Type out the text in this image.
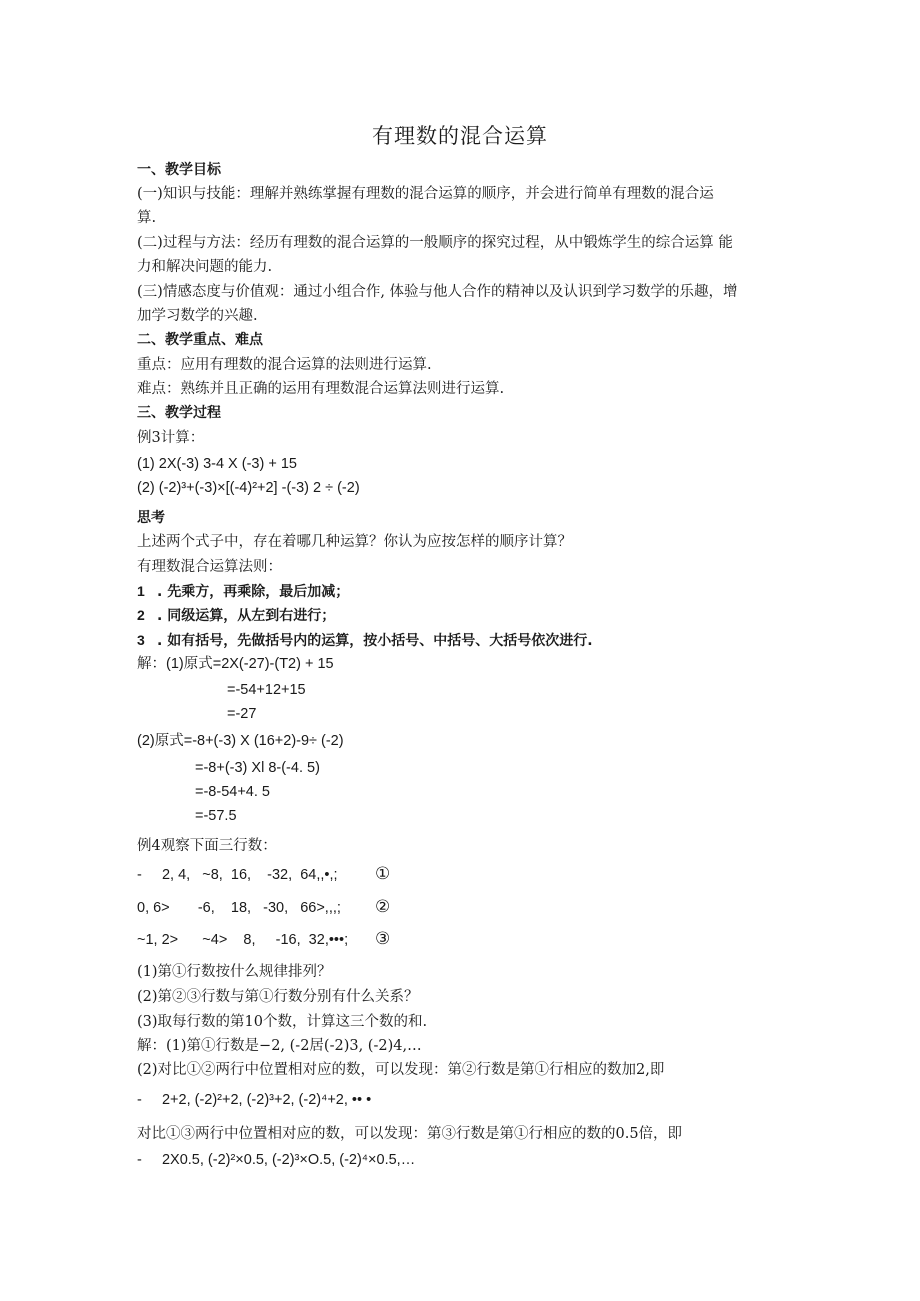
有理数的混合运算
一、教学目标
(一)知识与技能：理解并熟练掌握有理数的混合运算的顺序，并会进行简单有理数的混合运
算.
(二)过程与方法：经历有理数的混合运算的一般顺序的探究过程，从中锻炼学生的综合运算 能
力和解决问题的能力.
(三)情感态度与价值观：通过小组合作, 体验与他人合作的精神以及认识到学习数学的乐趣，增
加学习数学的兴趣.
二、教学重点、难点
重点：应用有理数的混合运算的法则进行运算.
难点：熟练并且正确的运用有理数混合运算法则进行运算.
三、教学过程
例3计算：
(1) 2X(-3) 3-4 X (-3) + 15
(2) (-2)³+(-3)×[(-4)²+2] -(-3) 2 ÷ (-2)
思考
上述两个式子中，存在着哪几种运算？你认为应按怎样的顺序计算？
有理数混合运算法则：
1 . 先乘方，再乘除，最后加减；
2 . 同级运算，从左到右进行；
3 . 如有括号，先做括号内的运算，按小括号、中括号、大括号依次进行.
解：(1)原式=2X(-27)-(T2) + 15
=-54+12+15
=-27
(2)原式=-8+(-3) X (16+2)-9÷ (-2)
=-8+(-3) Xl 8-(-4. 5)
=-8-54+4. 5
=-57.5
例4观察下面三行数：
-     2, 4,   ~8,  16,    -32,  64,,•,; ①
0, 6>       -6,    18,   -30,   66>,,,; ②
~1, 2>      ~4>    8,     -16,  32,•••; ③
(1)第①行数按什么规律排列？
(2)第②③行数与第①行数分别有什么关系？
(3)取每行数的第10个数，计算这三个数的和.
解：(1)第①行数是−2, (-2居(-2)3, (-2)4,…
(2)对比①②两行中位置相对应的数，可以发现：第②行数是第①行相应的数加2,即
-     2+2, (-2)²+2, (-2)³+2, (-2)⁴+2, •• •
对比①③两行中位置相对应的数，可以发现：第③行数是第①行相应的数的0.5倍，即
-     2X0.5, (-2)²×0.5, (-2)³×O.5, (-2)⁴×0.5,…
